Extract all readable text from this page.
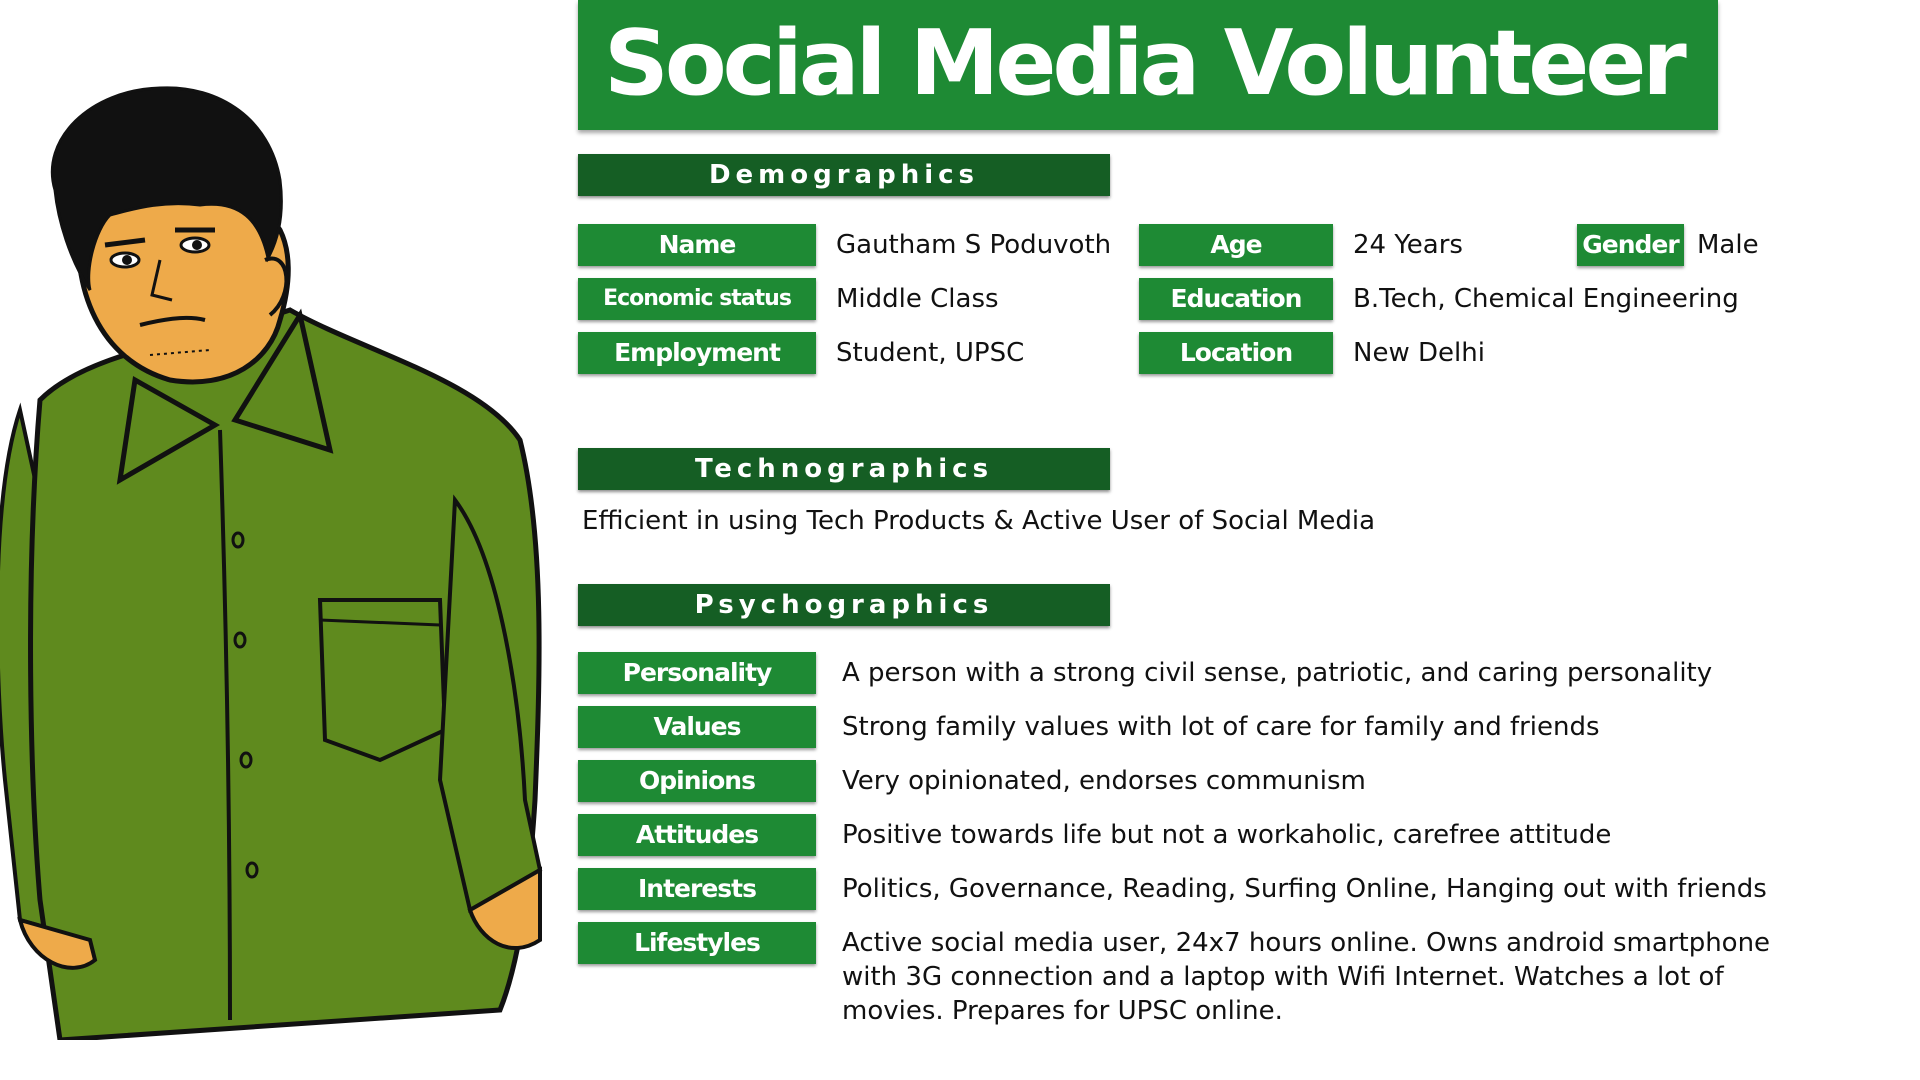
Social Media Volunteer
Demographics
Name	Gautham S Poduvoth	Age	24 Years	Gender Male
Economic status	Middle Class	Education	B.Tech, Chemical Engineering
Employment	Student, UPSC	Location	New Delhi
Technographics
Efficient in using Tech Products & Active User of Social Media
Psychographics
Personality	A person with a strong civil sense, patriotic, and caring personality
Values	Strong family values with lot of care for family and friends
Opinions	Very opinionated, endorses communism
Attitudes	Positive towards life but not a workaholic, carefree attitude
Interests	Politics, Governance, Reading, Surfing Online, Hanging out with friends
Lifestyles	Active social media user, 24x7 hours online. Owns android smartphone with 3G connection and a laptop with Wifi Internet. Watches a lot of movies. Prepares for UPSC online.
